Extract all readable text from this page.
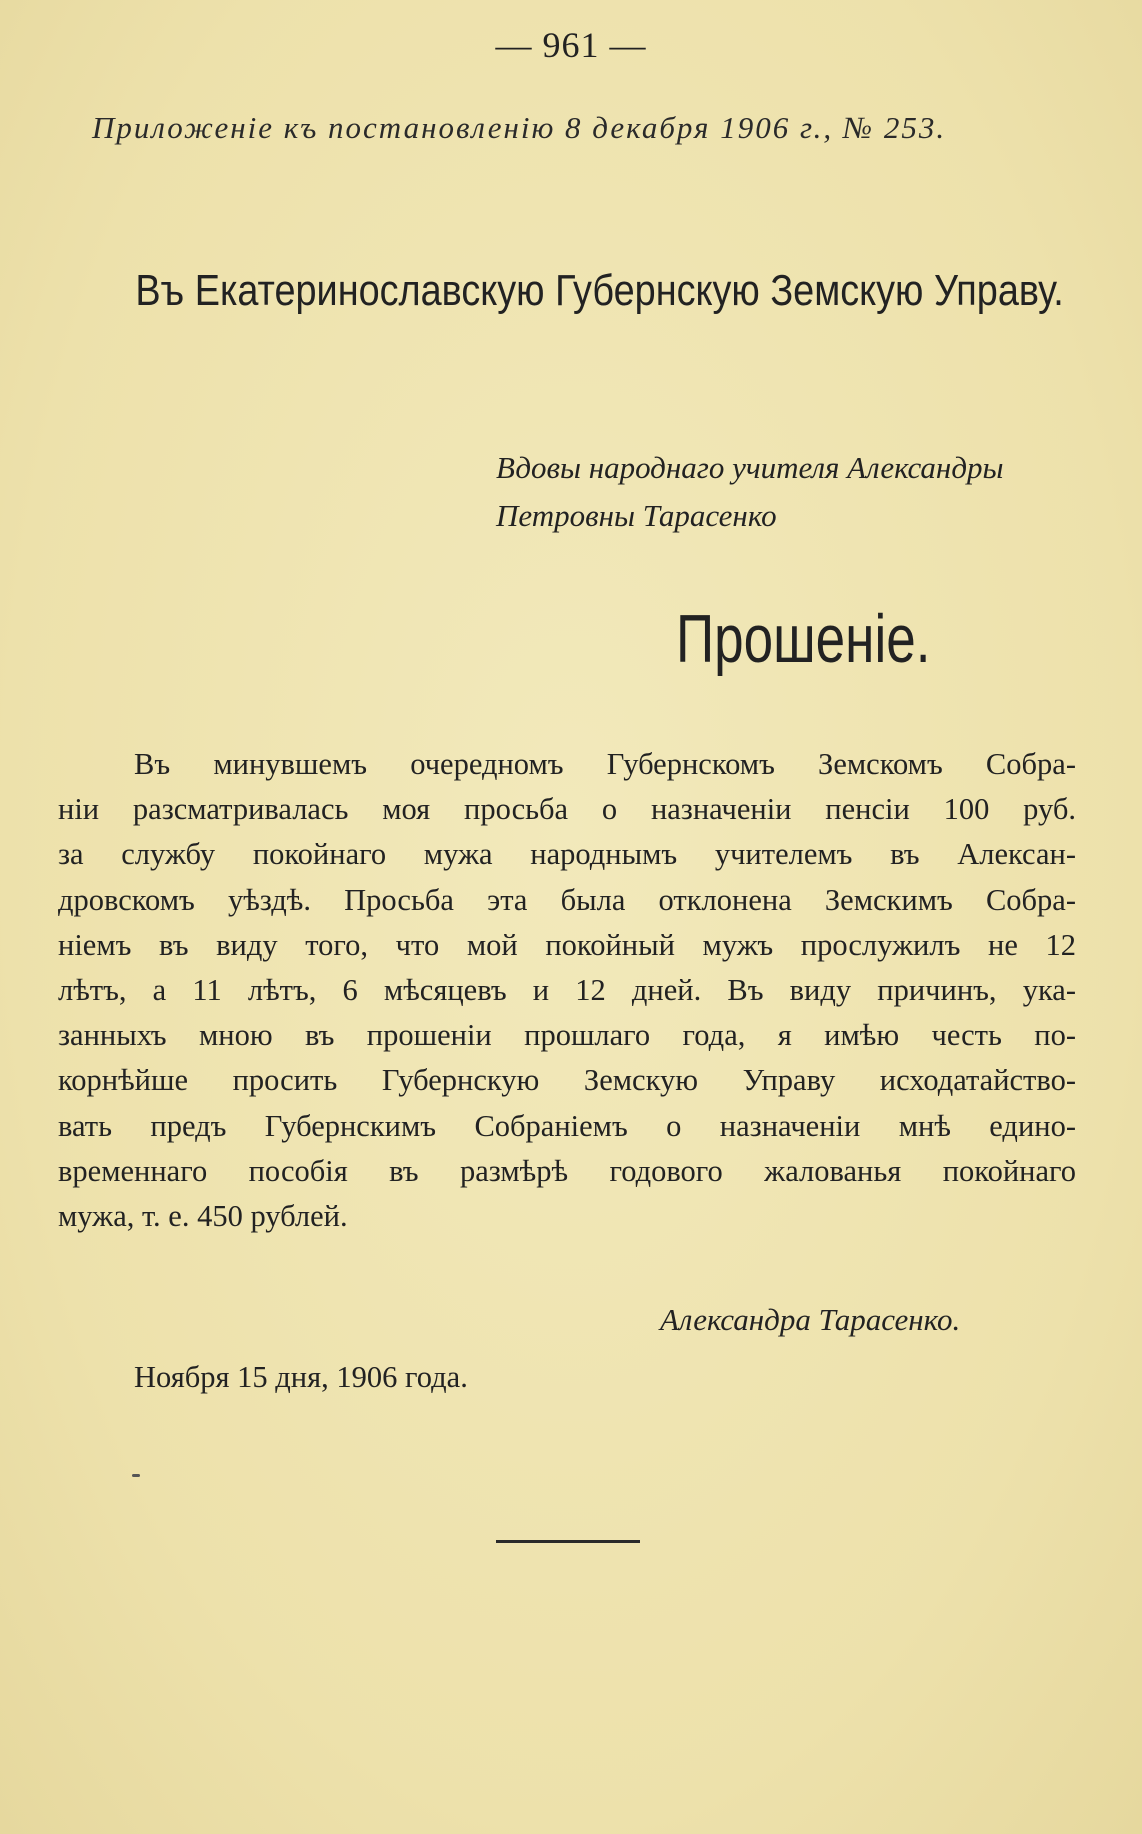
— 961 —
Приложеніе къ постановленію 8 декабря 1906 г., № 253.
Въ Екатеринославскую Губернскую Земскую Управу.
Вдовы народнаго учителя Александры
Петровны Тарасенко
Прошеніе.
Въ минувшемъ очередномъ Губернскомъ Земскомъ Собра-
ніи разсматривалась моя просьба о назначеніи пенсіи 100 руб.
за службу покойнаго мужа народнымъ учителемъ въ Алексан-
дровскомъ уѣздѣ. Просьба эта была отклонена Земскимъ Собра-
ніемъ въ виду того, что мой покойный мужъ прослужилъ не 12
лѣтъ, а 11 лѣтъ, 6 мѣсяцевъ и 12 дней. Въ виду причинъ, ука-
занныхъ мною въ прошеніи прошлаго года, я имѣю честь по-
корнѣйше просить Губернскую Земскую Управу исходатайство-
вать предъ Губернскимъ Собраніемъ о назначеніи мнѣ едино-
временнаго пособія въ размѣрѣ годового жалованья покойнаго
мужа, т. е. 450 рублей.
Александра Тарасенко.
Ноября 15 дня, 1906 года.
